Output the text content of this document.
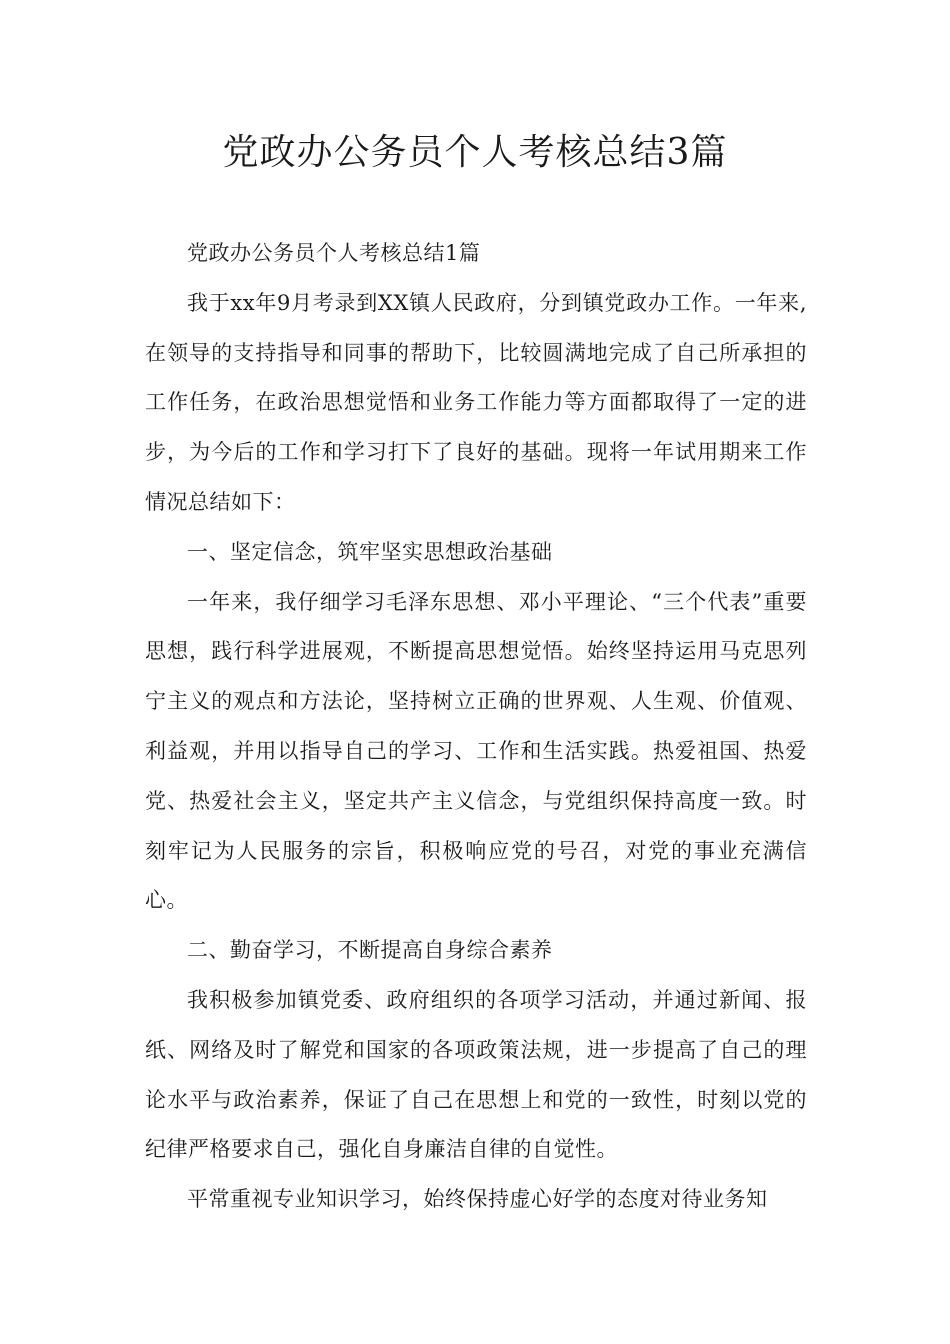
党政办公务员个人考核总结3篇

党政办公务员个人考核总结1篇

我于xx年9月考录到XX镇人民政府，分到镇党政办工作。一年来,在领导的支持指导和同事的帮助下，比较圆满地完成了自己所承担的工作任务，在政治思想觉悟和业务工作能力等方面都取得了一定的进步，为今后的工作和学习打下了良好的基础。现将一年试用期来工作情况总结如下：

一、坚定信念，筑牢坚实思想政治基础

一年来，我仔细学习毛泽东思想、邓小平理论、“三个代表”重要思想，践行科学进展观，不断提高思想觉悟。始终坚持运用马克思列宁主义的观点和方法论，坚持树立正确的世界观、人生观、价值观、利益观，并用以指导自己的学习、工作和生活实践。热爱祖国、热爱党、热爱社会主义，坚定共产主义信念，与党组织保持高度一致。时刻牢记为人民服务的宗旨，积极响应党的号召，对党的事业充满信心。

二、勤奋学习，不断提高自身综合素养

我积极参加镇党委、政府组织的各项学习活动，并通过新闻、报纸、网络及时了解党和国家的各项政策法规，进一步提高了自己的理论水平与政治素养，保证了自己在思想上和党的一致性，时刻以党的纪律严格要求自己，强化自身廉洁自律的自觉性。

平常重视专业知识学习，始终保持虚心好学的态度对待业务知
